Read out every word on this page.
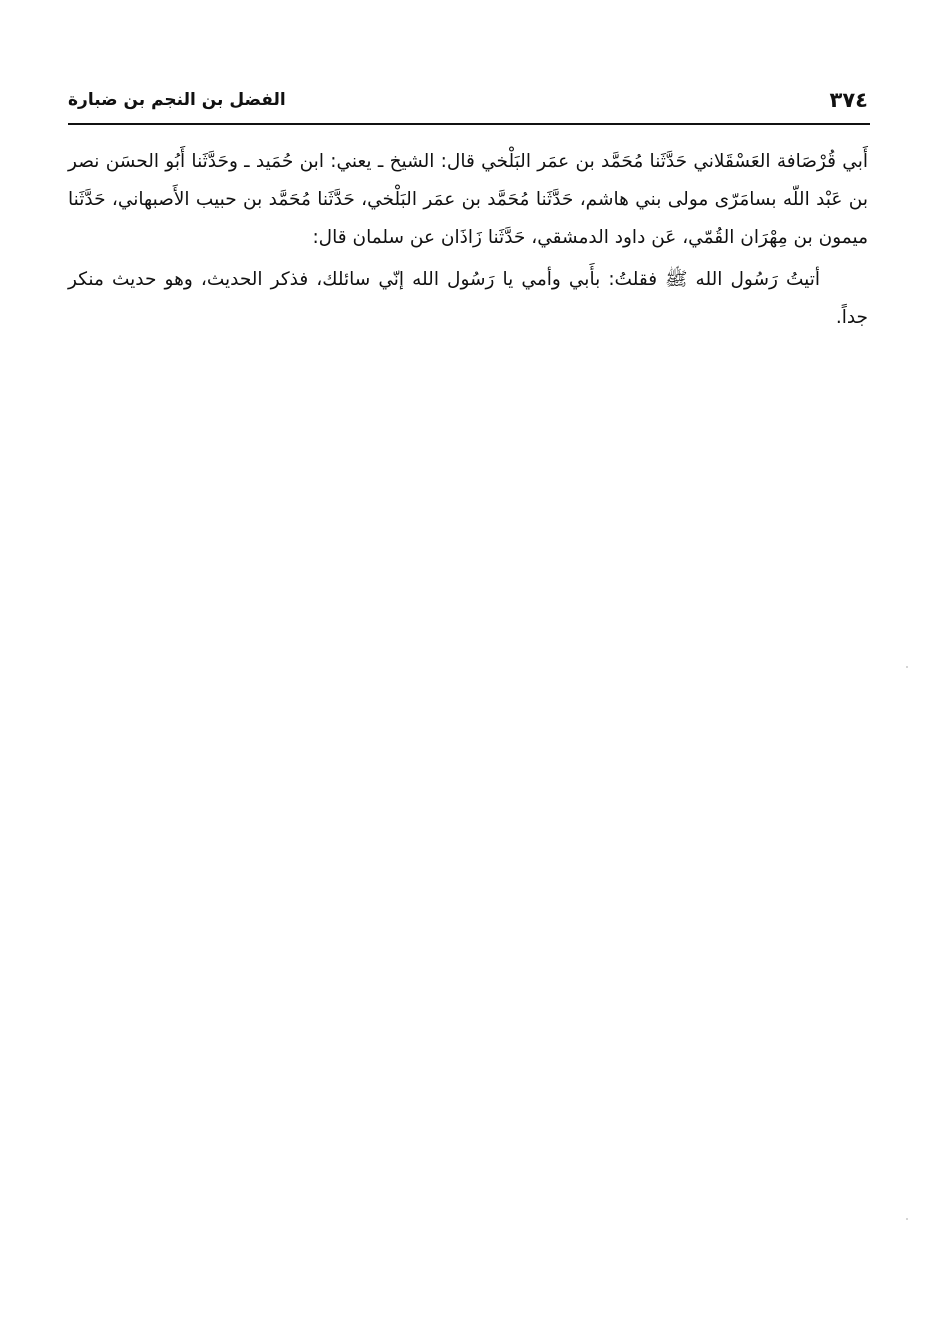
٣٧٤
الفضل بن النجم بن ضبارة

أَبي قُرْصَافة العَسْقَلاني حَدَّثَنا مُحَمَّد بن عمَر البَلْخي قال: الشيخ ـ يعني: ابن حُمَيد ـ وحَدَّثَنا أَبُو الحسَن نصر بن عَبْد اللّه بسامَرّى مولى بني هاشم، حَدَّثَنا مُحَمَّد بن عمَر البَلْخي، حَدَّثَنا مُحَمَّد بن حبيب الأَصبهاني، حَدَّثَنا ميمون بن مِهْرَان القُمّي، عَن داود الدمشقي، حَدَّثَنا زَاذَان عن سلمان قال:

أتيتُ رَسُول الله ﷺ فقلتُ: بأَبي وأمي يا رَسُول الله إنّي سائلك، فذكر الحديث، وهو حديث منكر جداً.
